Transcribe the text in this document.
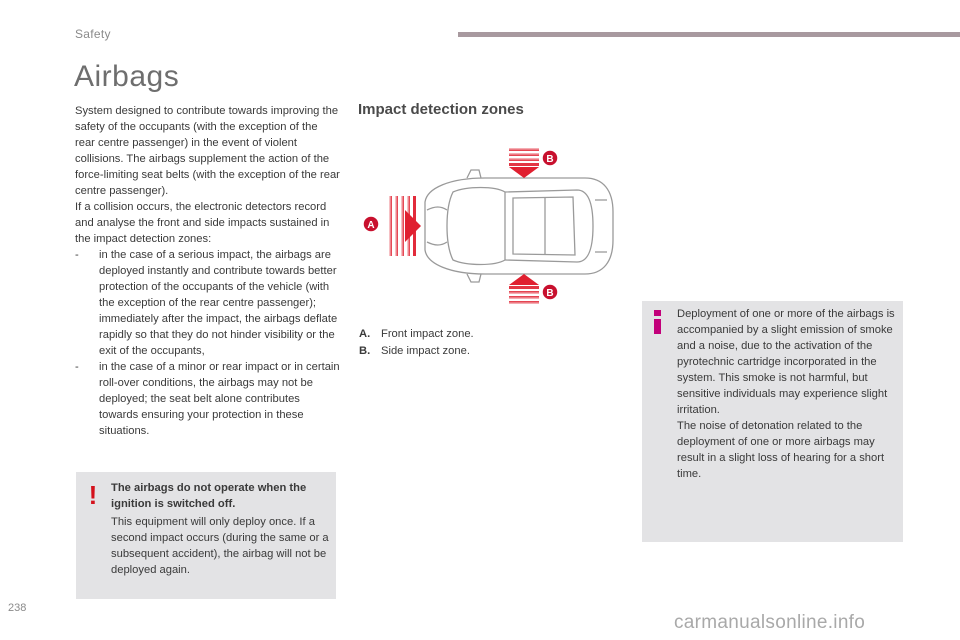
Safety
Airbags

System designed to contribute towards improving the safety of the occupants (with the exception of the rear centre passenger) in the event of violent collisions. The airbags supplement the action of the force-limiting seat belts (with the exception of the rear centre passenger).

If a collision occurs, the electronic detectors record and analyse the front and side impacts sustained in the impact detection zones:

- in the case of a serious impact, the airbags are deployed instantly and contribute towards better protection of the occupants of the vehicle (with the exception of the rear centre passenger); immediately after the impact, the airbags deflate rapidly so that they do not hinder visibility or the exit of the occupants,
- in the case of a minor or rear impact or in certain roll-over conditions, the airbags may not be deployed; the seat belt alone contributes towards ensuring your protection in these situations.
! The airbags do not operate when the ignition is switched off.
This equipment will only deploy once. If a second impact occurs (during the same or a subsequent accident), the airbag will not be deployed again.
Impact detection zones
A
B
B
A. Front impact zone.
B. Side impact zone.

Deployment of one or more of the airbags is accompanied by a slight emission of smoke and a noise, due to the activation of the pyrotechnic cartridge incorporated in the system. This smoke is not harmful, but sensitive individuals may experience slight irritation.

The noise of detonation related to the deployment of one or more airbags may result in a slight loss of hearing for a short time.

238
carmanualsonline.info
